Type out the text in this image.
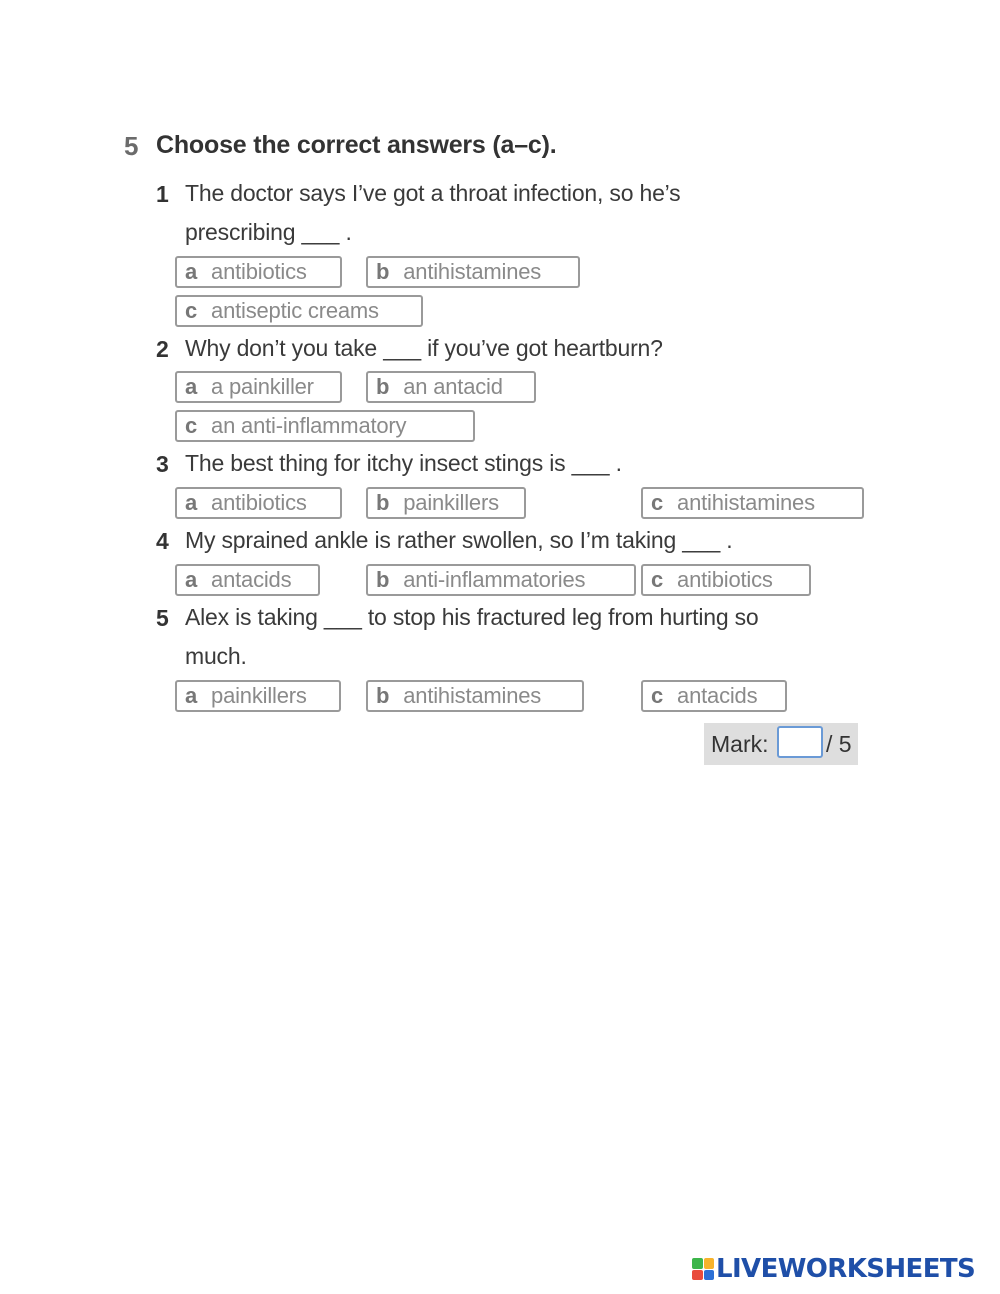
5 Choose the correct answers (a–c).
1 The doctor says I’ve got a throat infection, so he’s
prescribing ___ .
a antibiotics	b antihistamines
c antiseptic creams
2 Why don’t you take ___ if you’ve got heartburn?
a a painkiller	b an antacid
c an anti-inflammatory
3 The best thing for itchy insect stings is ___ .
a antibiotics	b painkillers	c antihistamines
4 My sprained ankle is rather swollen, so I’m taking ___ .
a antacids	b anti-inflammatories	c antibiotics
5 Alex is taking ___ to stop his fractured leg from hurting so
much.
a painkillers	b antihistamines	c antacids
Mark:	/ 5
LIVEWORKSHEETS
